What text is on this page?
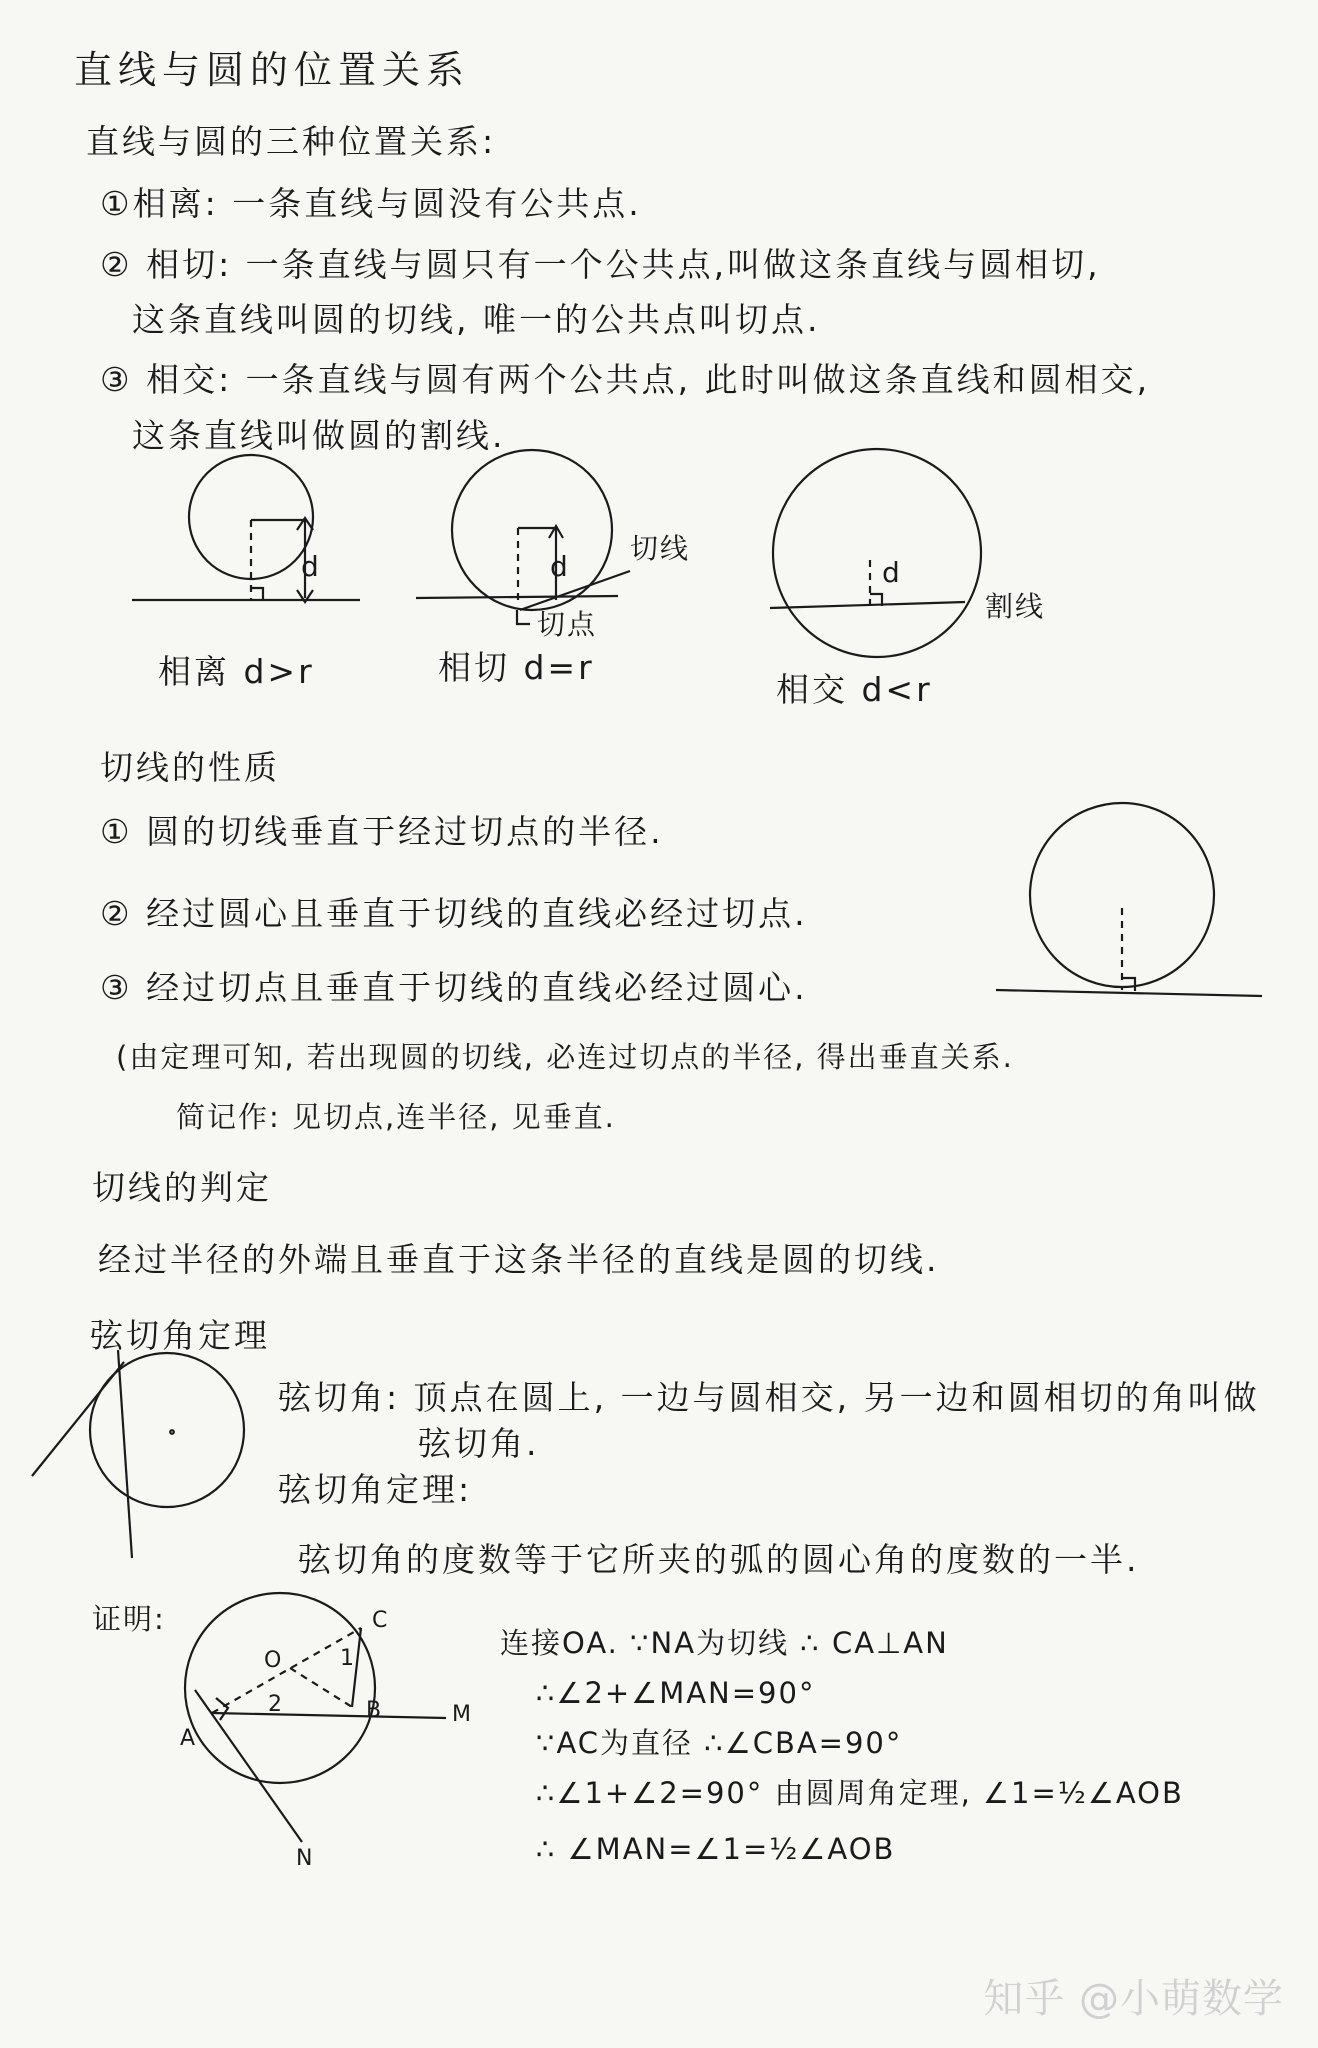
直线与圆的位置关系
直线与圆的三种位置关系:
①相离: 一条直线与圆没有公共点.
② 相切: 一条直线与圆只有一个公共点,叫做这条直线与圆相切,
这条直线叫圆的切线, 唯一的公共点叫切点.
③ 相交: 一条直线与圆有两个公共点, 此时叫做这条直线和圆相交,
这条直线叫做圆的割线.
d	d	d
切线
切点
割线
相离 d>r	相切 d=r
相交 d<r
切线的性质
① 圆的切线垂直于经过切点的半径.
② 经过圆心且垂直于切线的直线必经过切点.
③ 经过切点且垂直于切线的直线必经过圆心.
(由定理可知, 若出现圆的切线, 必连过切点的半径, 得出垂直关系.
简记作: 见切点,连半径, 见垂直.
切线的判定
经过半径的外端且垂直于这条半径的直线是圆的切线.
弦切角定理
弦切角: 顶点在圆上, 一边与圆相交, 另一边和圆相切的角叫做
弦切角.
弦切角定理:
弦切角的度数等于它所夹的弧的圆心角的度数的一半.
证明:
A
B
C
O
M
N
1
2
连接OA. ∵NA为切线 ∴ CA⊥AN
∴∠2+∠MAN=90°
∵AC为直径 ∴∠CBA=90°
∴∠1+∠2=90° 由圆周角定理, ∠1=½∠AOB
∴ ∠MAN=∠1=½∠AOB
知乎 @小萌数学
